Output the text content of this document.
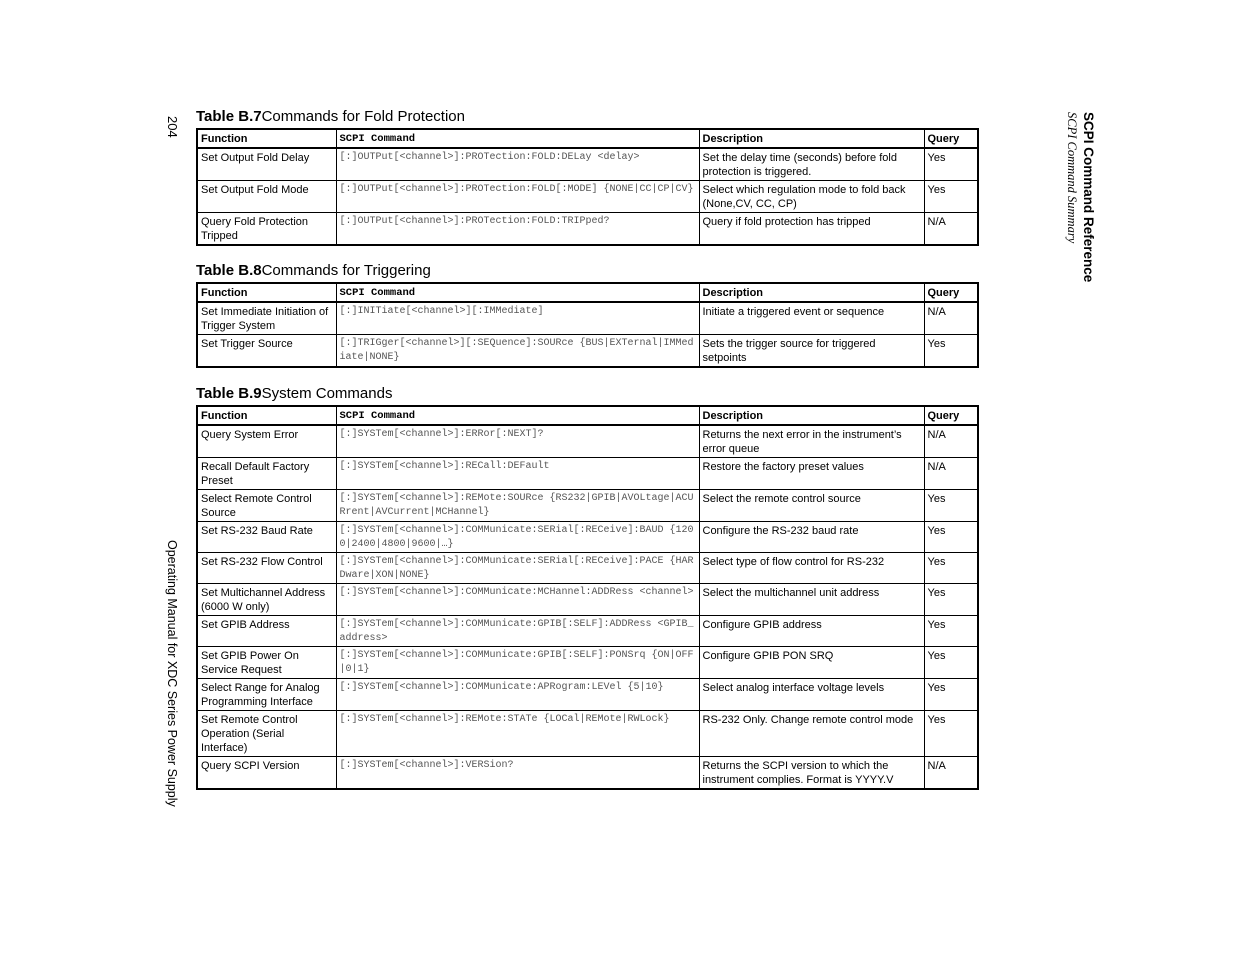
204
Operating Manual for XDC Series Power Supply
SCPI Command Reference
SCPI Command Summary
Table B.7Commands for Fold Protection
Function	SCPI Command	Description	Query
Set Output Fold Delay	[:]OUTPut[<channel>]:PROTection:FOLD:DELay <delay>	Set the delay time (seconds) before fold protection is triggered.	Yes
Set Output Fold Mode	[:]OUTPut[<channel>]:PROTection:FOLD[:MODE] {NONE|CC|CP|CV}	Select which regulation mode to fold back (None,CV, CC, CP)	Yes
Query Fold Protection Tripped	[:]OUTPut[<channel>]:PROTection:FOLD:TRIPped?	Query if fold protection has tripped	N/A
Table B.8Commands for Triggering
Function	SCPI Command	Description	Query
Set Immediate Initiation of Trigger System	[:]INITiate[<channel>][:IMMediate]	Initiate a triggered event or sequence	N/A
Set Trigger Source	[:]TRIGger[<channel>][:SEQuence]:SOURce {BUS|EXTernal|IMMediate|NONE}	Sets the trigger source for triggered setpoints	Yes
Table B.9System Commands
Function	SCPI Command	Description	Query
Query System Error	[:]SYSTem[<channel>]:ERRor[:NEXT]?	Returns the next error in the instrument’s error queue	N/A
Recall Default Factory Preset	[:]SYSTem[<channel>]:RECall:DEFault	Restore the factory preset values	N/A
Select Remote Control Source	[:]SYSTem[<channel>]:REMote:SOURce {RS232|GPIB|AVOLtage|ACURrent|AVCurrent|MCHannel}	Select the remote control source	Yes
Set RS-232 Baud Rate	[:]SYSTem[<channel>]:COMMunicate:SERial[:RECeive]:BAUD {1200|2400|4800|9600|…}	Configure the RS-232 baud rate	Yes
Set RS-232 Flow Control	[:]SYSTem[<channel>]:COMMunicate:SERial[:RECeive]:PACE {HARDware|XON|NONE}	Select type of flow control for RS-232	Yes
Set Multichannel Address (6000 W only)	[:]SYSTem[<channel>]:COMMunicate:MCHannel:ADDRess <channel>	Select the multichannel unit address	Yes
Set GPIB Address	[:]SYSTem[<channel>]:COMMunicate:GPIB[:SELF]:ADDRess <GPIB_address>	Configure GPIB address	Yes
Set GPIB Power On Service Request	[:]SYSTem[<channel>]:COMMunicate:GPIB[:SELF]:PONSrq {ON|OFF|0|1}	Configure GPIB PON SRQ	Yes
Select Range for Analog Programming Interface	[:]SYSTem[<channel>]:COMMunicate:APRogram:LEVel {5|10}	Select analog interface voltage levels	Yes
Set Remote Control Operation (Serial Interface)	[:]SYSTem[<channel>]:REMote:STATe {LOCal|REMote|RWLock}	RS-232 Only. Change remote control mode	Yes
Query SCPI Version	[:]SYSTem[<channel>]:VERSion?	Returns the SCPI version to which the instrument complies. Format is YYYY.V	N/A
